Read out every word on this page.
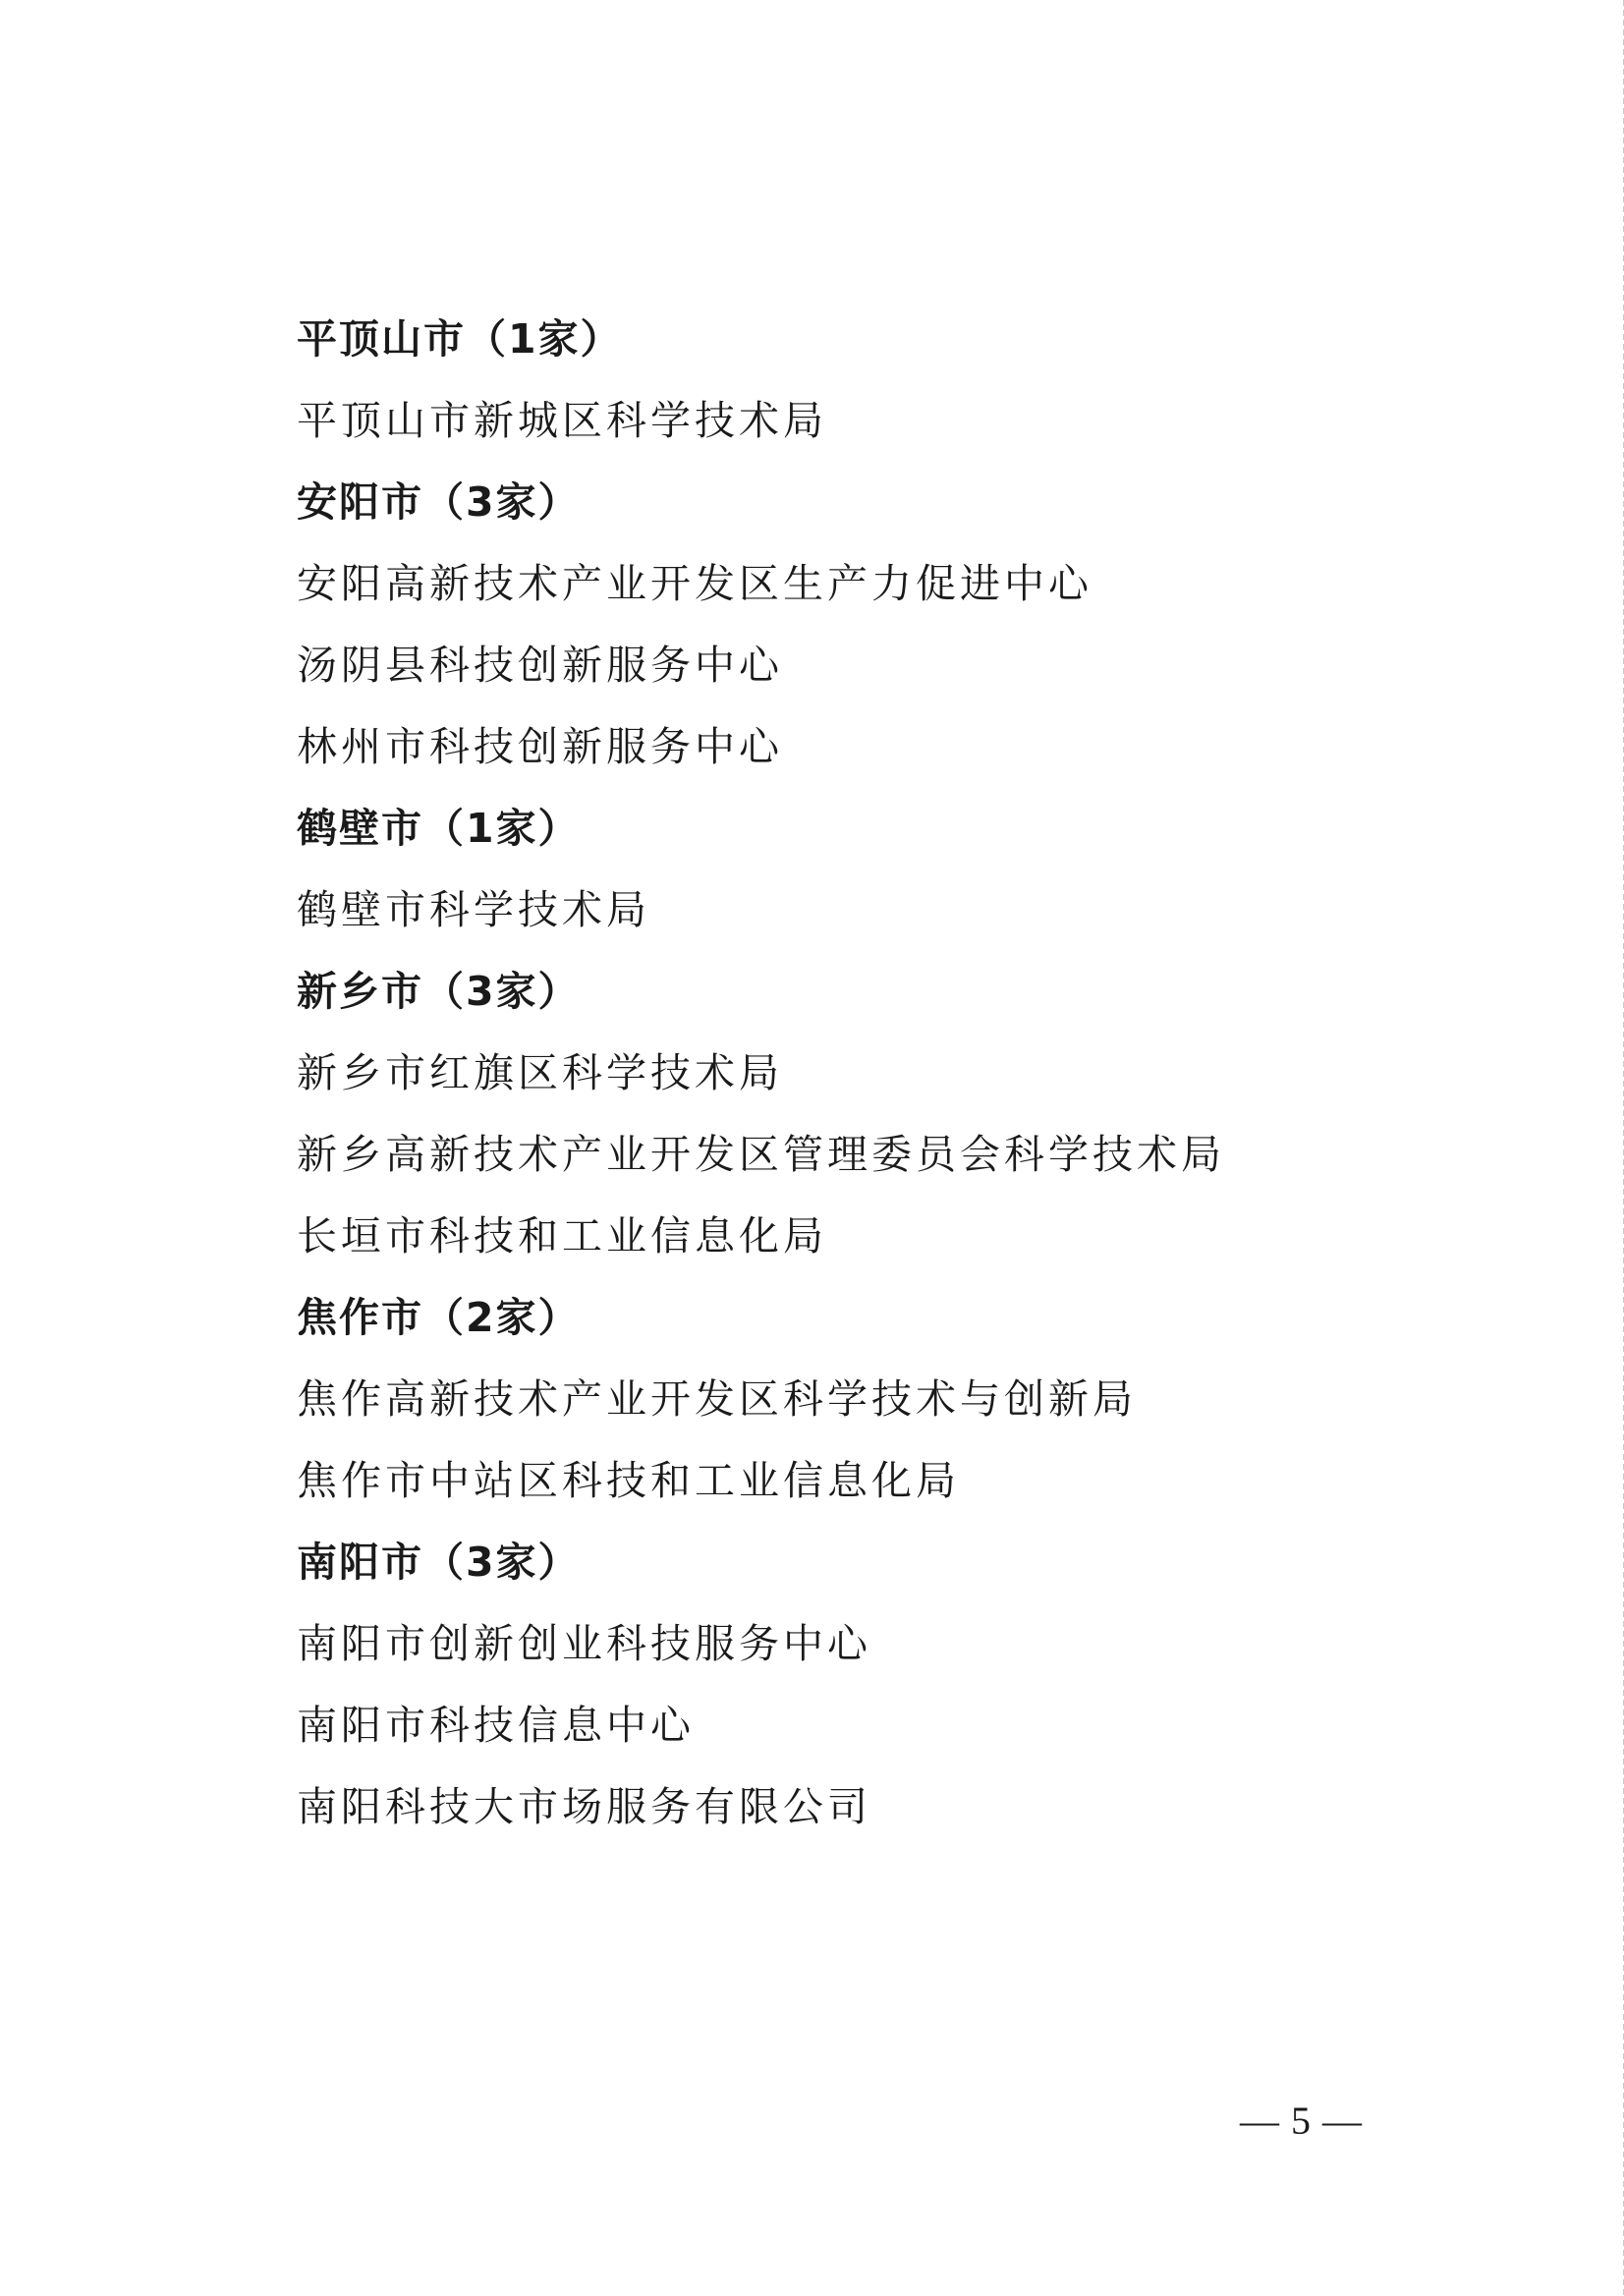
平顶山市（1家）
平顶山市新城区科学技术局
安阳市（3家）
安阳高新技术产业开发区生产力促进中心
汤阴县科技创新服务中心
林州市科技创新服务中心
鹤壁市（1家）
鹤壁市科学技术局
新乡市（3家）
新乡市红旗区科学技术局
新乡高新技术产业开发区管理委员会科学技术局
长垣市科技和工业信息化局
焦作市（2家）
焦作高新技术产业开发区科学技术与创新局
焦作市中站区科技和工业信息化局
南阳市（3家）
南阳市创新创业科技服务中心
南阳市科技信息中心
南阳科技大市场服务有限公司
— 5 —
